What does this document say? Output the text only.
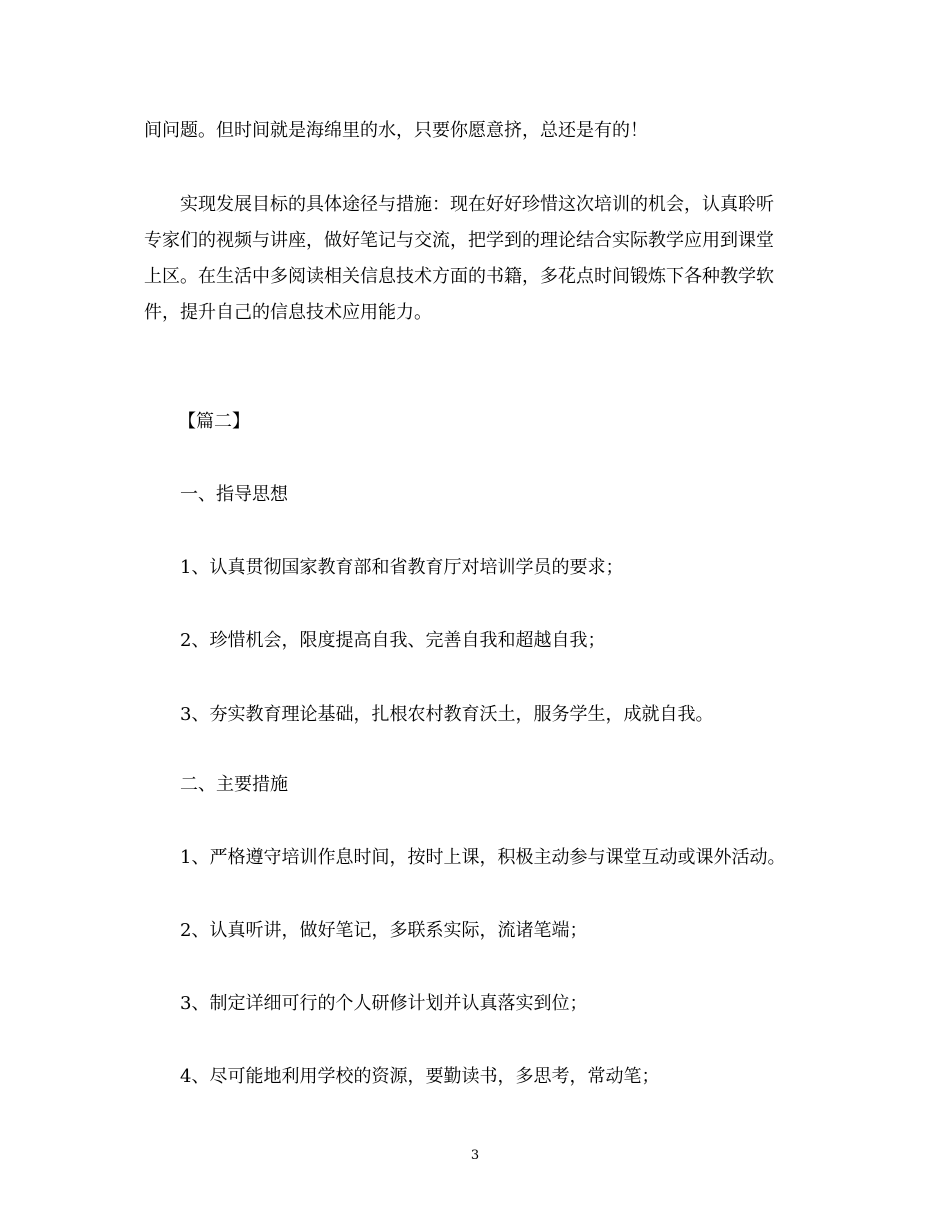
间问题。但时间就是海绵里的水，只要你愿意挤，总还是有的！

实现发展目标的具体途径与措施：现在好好珍惜这次培训的机会，认真聆听

专家们的视频与讲座，做好笔记与交流，把学到的理论结合实际教学应用到课堂

上区。在生活中多阅读相关信息技术方面的书籍，多花点时间锻炼下各种教学软

件，提升自己的信息技术应用能力。

【篇二】

一、指导思想

1、认真贯彻国家教育部和省教育厅对培训学员的要求；

2、珍惜机会，限度提高自我、完善自我和超越自我；

3、夯实教育理论基础，扎根农村教育沃土，服务学生，成就自我。

二、主要措施

1、严格遵守培训作息时间，按时上课，积极主动参与课堂互动或课外活动。

2、认真听讲，做好笔记，多联系实际，流诸笔端；

3、制定详细可行的个人研修计划并认真落实到位；

4、尽可能地利用学校的资源，要勤读书，多思考，常动笔；

3
